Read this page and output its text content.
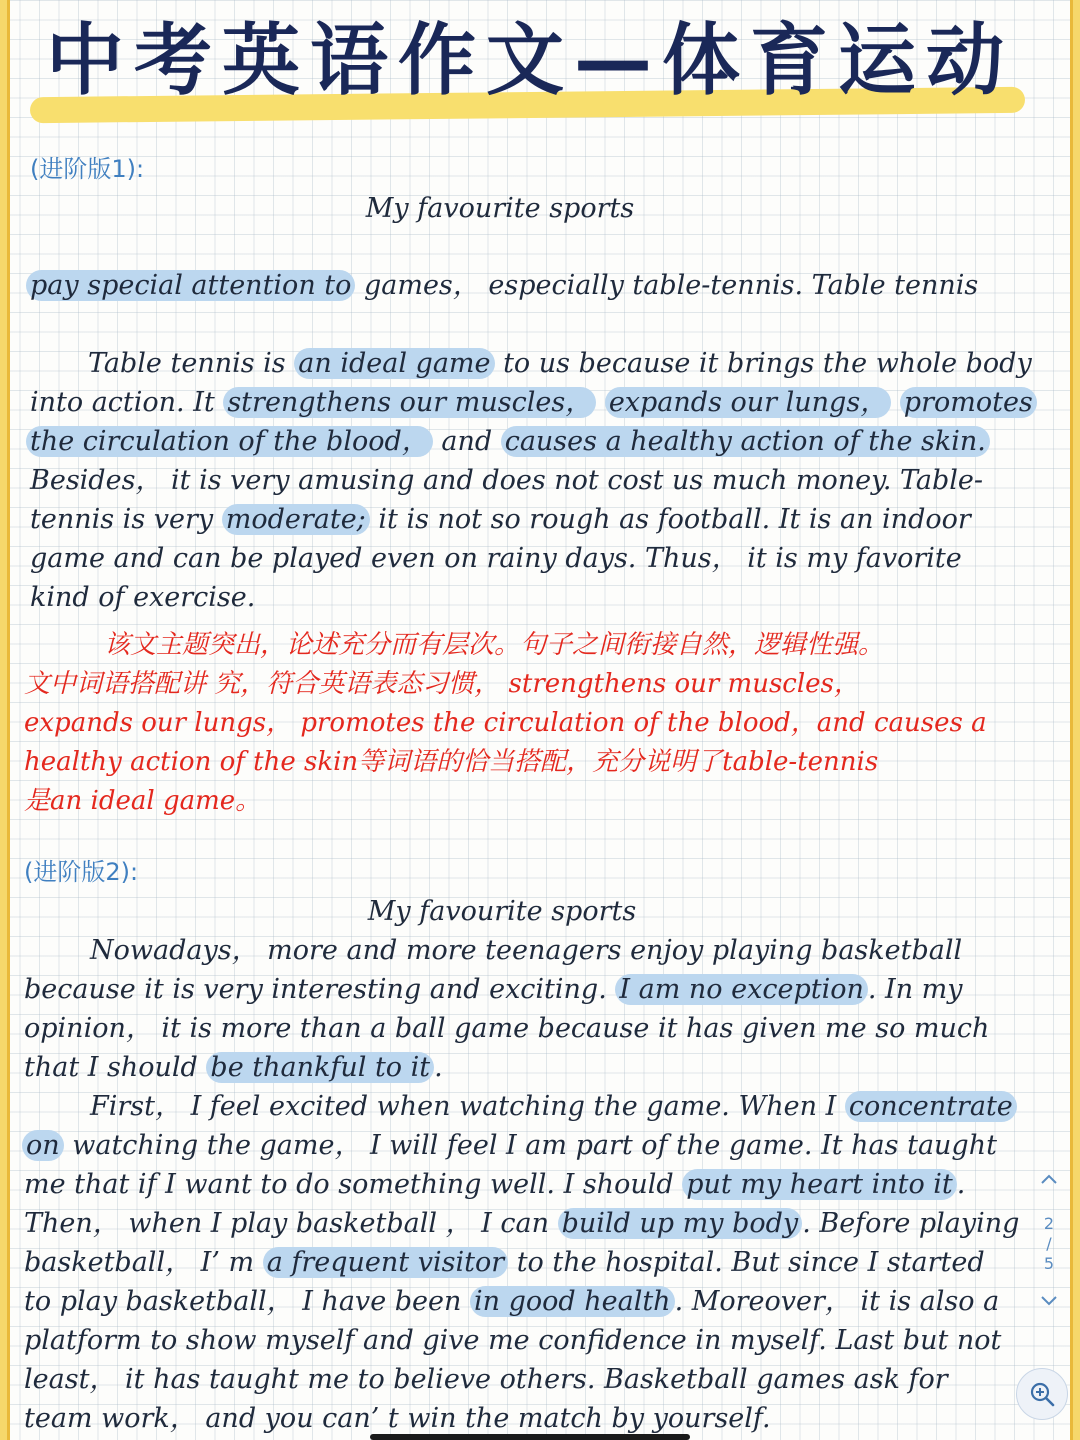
中考英语作文—体育运动
(进阶版1):
My favourite sports
pay special attention to games， especially table-tennis. Table tennis
Table tennis is an ideal game to us because it brings the whole body
into action. It strengthens our muscles， expands our lungs， promotes
the circulation of the blood， and causes a healthy action of the skin.
Besides， it is very amusing and does not cost us much money. Table-
tennis is very moderate; it is not so rough as football. It is an indoor
game and can be played even on rainy days. Thus， it is my favorite
kind of exercise.
该文主题突出，论述充分而有层次。句子之间衔接自然，逻辑性强。
文中词语搭配讲 究，符合英语表态习惯， strengthens our muscles，
expands our lungs， promotes the circulation of the blood，and causes a
healthy action of the skin等词语的恰当搭配，充分说明了table-tennis
是an ideal game。
(进阶版2):
My favourite sports
Nowadays， more and more teenagers enjoy playing basketball
because it is very interesting and exciting. I am no exception . In my
opinion， it is more than a ball game because it has given me so much
that I should be thankful to it .
First， I feel excited when watching the game. When I concentrate
on watching the game， I will feel I am part of the game. It has taught
me that if I want to do something well. I should put my heart into it .
Then， when I play basketball ， I can build up my body . Before playing
basketball， I’ m a frequent visitor to the hospital. But since I started
to play basketball， I have been in good health . Moreover， it is also a
platform to show myself and give me confidence in myself. Last but not
least， it has taught me to believe others. Basketball games ask for
team work， and you can’ t win the match by yourself.
2
/
5
